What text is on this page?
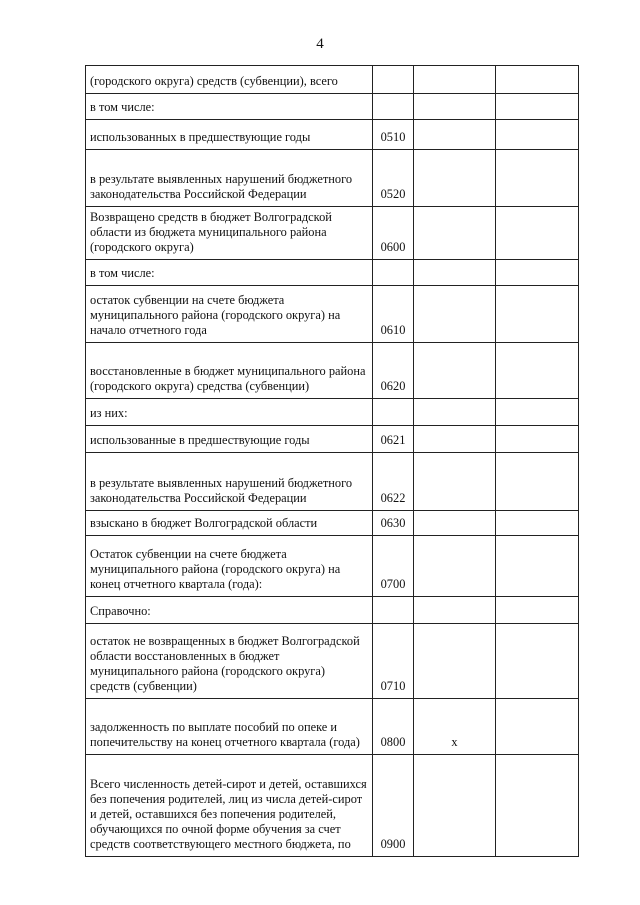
4
(городского округа) средств (субвенции), всего			
в том числе:			
использованных в предшествующие годы	0510		
в результате выявленных нарушений бюджетного законодательства Российской Федерации	0520		
Возвращено средств в бюджет Волгоградской области из бюджета муниципального района (городского округа)	0600		
в том числе:			
остаток субвенции на счете бюджета муниципального района (городского округа) на начало отчетного года	0610		
восстановленные в бюджет муниципального района (городского округа) средства (субвенции)	0620		
из них:			
использованные в предшествующие годы	0621		
в результате выявленных нарушений бюджетного законодательства Российской Федерации	0622		
взыскано в бюджет Волгоградской области	0630		
Остаток субвенции на счете бюджета муниципального района (городского округа) на конец отчетного квартала (года):	0700		
Справочно:			
остаток не возвращенных в бюджет Волгоградской области восстановленных в бюджет муниципального района (городского округа) средств (субвенции)	0710		
задолженность по выплате пособий по опеке и попечительству на конец отчетного квартала (года)	0800	x	
Всего численность детей-сирот и детей, оставшихся без попечения родителей, лиц из числа детей-сирот и детей, оставшихся без попечения родителей, обучающихся по очной форме обучения за счет средств соответствующего местного бюджета, по	0900		
